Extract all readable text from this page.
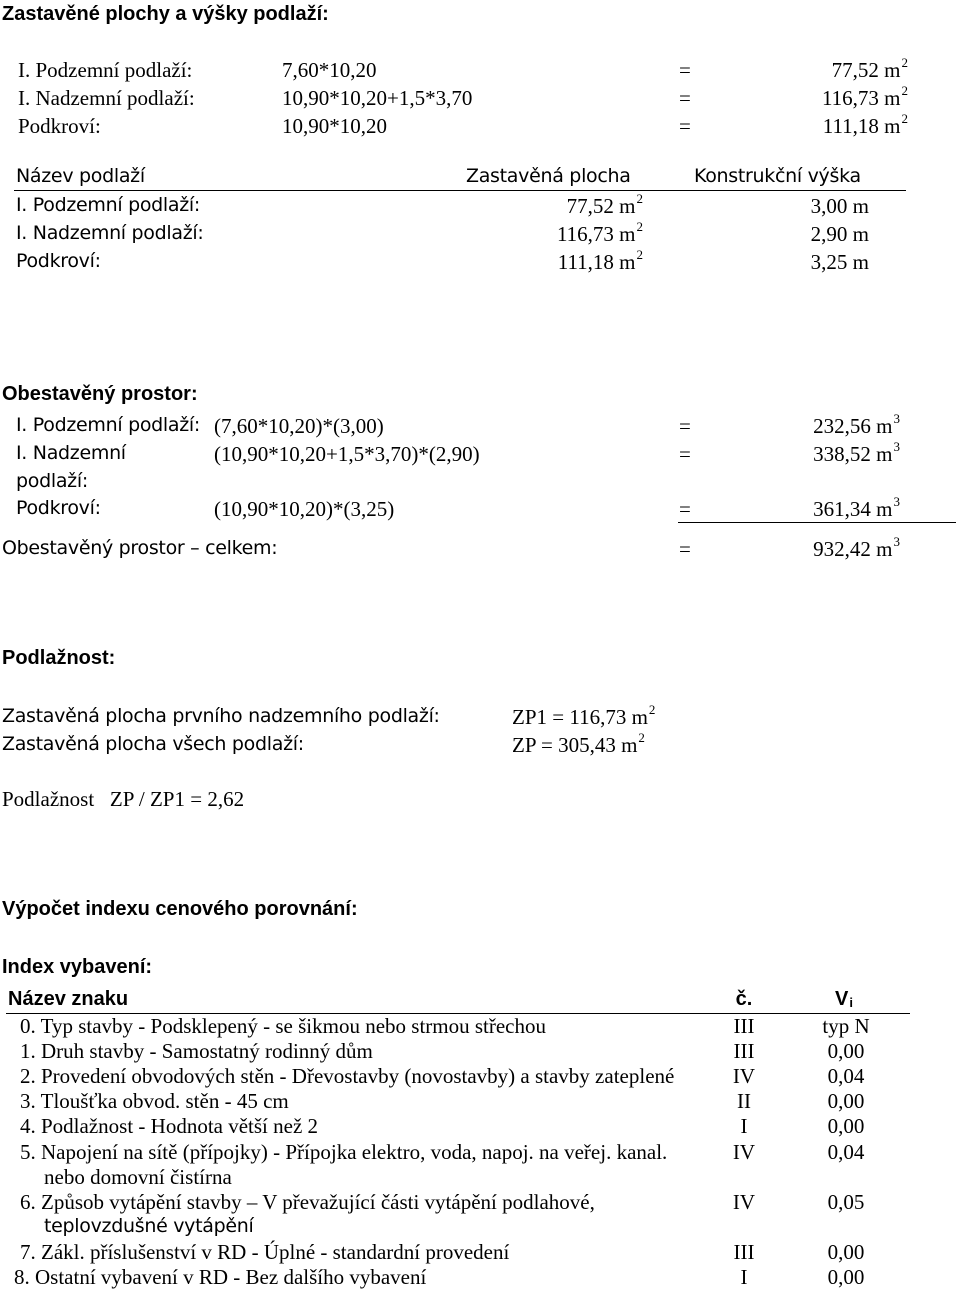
Zastavěné plochy a výšky podlaží:
I. Podzemní podlaží:	7,60*10,20	=	77,52 $m^2$
I. Nadzemní podlaží:	10,90*10,20+1,5*3,70	=	116,73 $m^2$
Podkroví:	10,90*10,20	=	111,18 $m^2$
Název podlaží	Zastavěná plocha	Konstrukční výška
I. Podzemní podlaží:	77,52 $m^2$	3,00 m
I. Nadzemní podlaží:	116,73 $m^2$	2,90 m
Podkroví:	111,18 $m^2$	3,25 m
Obestavěný prostor:
I. Podzemní podlaží: (7,60*10,20)*(3,00)	=	232,56 $m^3$
I. Nadzemní
podlaží:
(10,90*10,20+1,5*3,70)*(2,90)	=	338,52 $m^3$
Podkroví:	(10,90*10,20)*(3,25)	=	361,34 $m^3$
Obestavěný prostor – celkem:	=	932,42 $m^3$
Podlažnost:
Zastavěná plocha prvního nadzemního podlaží:	ZP1 = 116,73 $m^2$
Zastavěná plocha všech podlaží:	ZP = 305,43 $m^2$
Podlažnost   ZP / ZP1 = 2,62
Výpočet indexu cenového porovnání:
Index vybavení:
Název znaku	č.	$V_i$
0. Typ stavby - Podsklepený - se šikmou nebo strmou střechou	III	typ N
1. Druh stavby - Samostatný rodinný dům	III	0,00
2. Provedení obvodových stěn - Dřevostavby (novostavby) a stavby zateplené	IV	0,04
3. Tloušťka obvod. stěn - 45 cm	II	0,00
4. Podlažnost - Hodnota větší než 2	I	0,00
5. Napojení na sítě (přípojky) - Přípojka elektro, voda, napoj. na veřej. kanal.
nebo domovní čistírna
IV	0,04
6. Způsob vytápění stavby – V převažující části vytápění podlahové,
teplovzdušné vytápění
IV	0,05
7. Zákl. příslušenství v RD - Úplné - standardní provedení	III	0,00
8. Ostatní vybavení v RD - Bez dalšího vybavení	I	0,00
